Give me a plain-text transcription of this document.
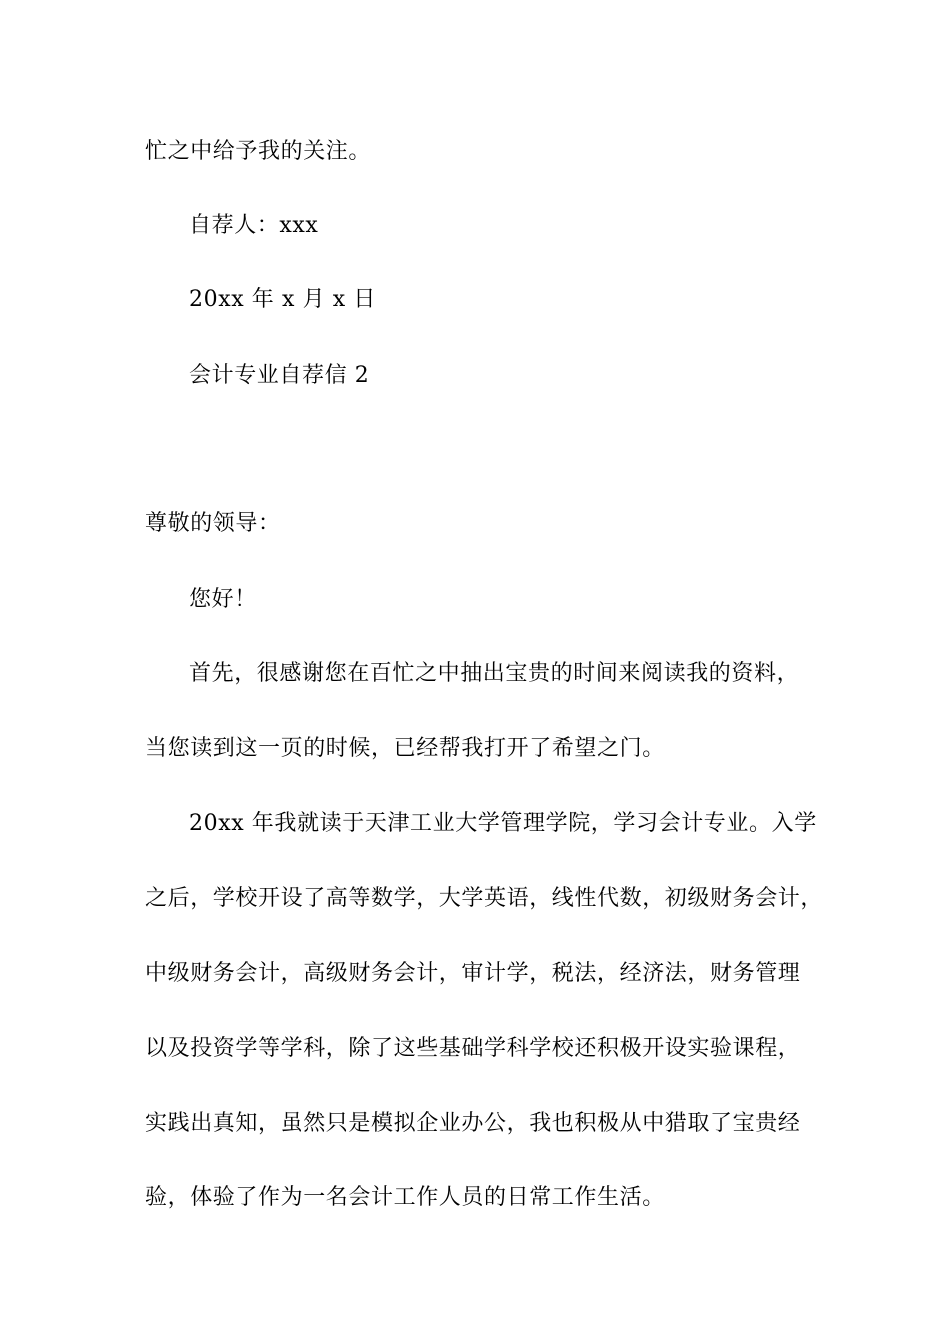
忙之中给予我的关注。
自荐人：xxx
20xx 年 x 月 x 日
会计专业自荐信 2
尊敬的领导：
您好！
首先，很感谢您在百忙之中抽出宝贵的时间来阅读我的资料，
当您读到这一页的时候，已经帮我打开了希望之门。
20xx 年我就读于天津工业大学管理学院，学习会计专业。入学
之后，学校开设了高等数学，大学英语，线性代数，初级财务会计，
中级财务会计，高级财务会计，审计学，税法，经济法，财务管理
以及投资学等学科，除了这些基础学科学校还积极开设实验课程，
实践出真知，虽然只是模拟企业办公，我也积极从中猎取了宝贵经
验，体验了作为一名会计工作人员的日常工作生活。
